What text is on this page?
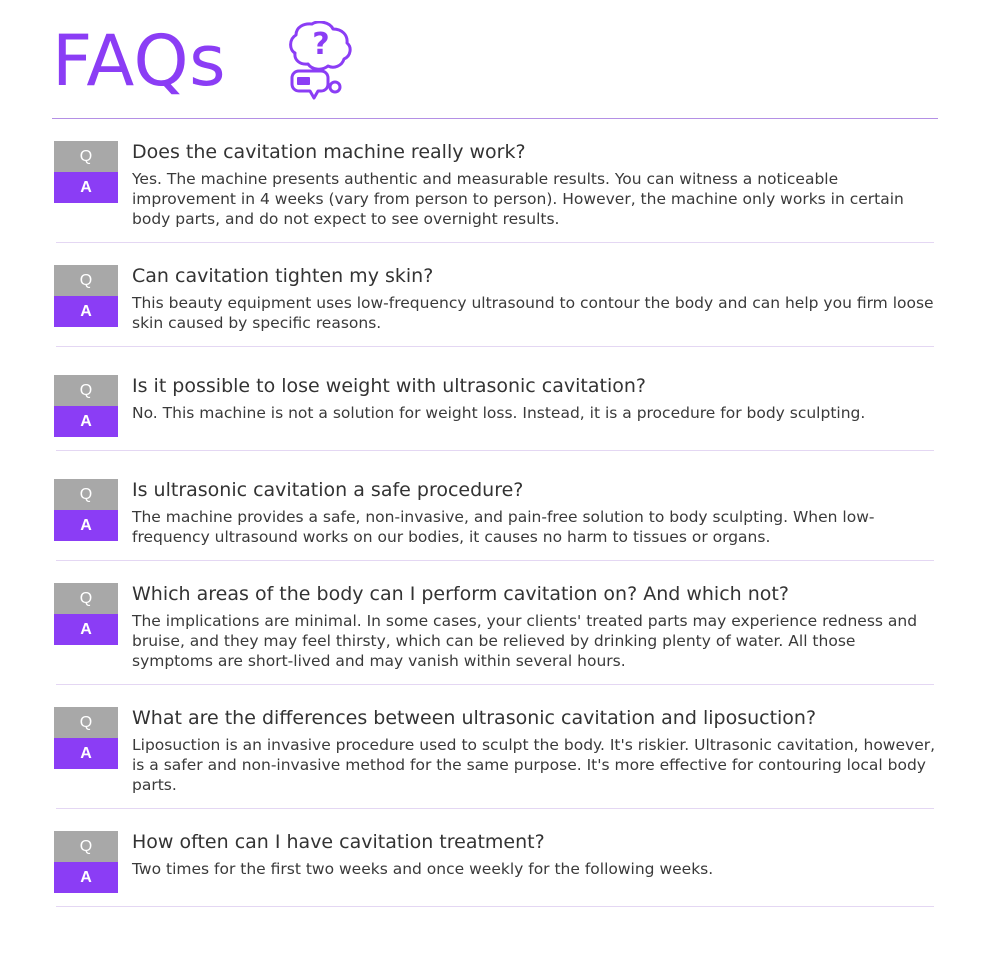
FAQs	?
Q
A

Does the cavitation machine really work?

Yes. The machine presents authentic and measurable results. You can witness a noticeable improvement in 4 weeks (vary from person to person). However, the machine only works in certain body parts, and do not expect to see overnight results.

Q
A

Can cavitation tighten my skin?

This beauty equipment uses low-frequency ultrasound to contour the body and can help you firm loose skin caused by specific reasons.

Q
A

Is it possible to lose weight with ultrasonic cavitation?

No. This machine is not a solution for weight loss. Instead, it is a procedure for body sculpting.

Q
A

Is ultrasonic cavitation a safe procedure?

The machine provides a safe, non-invasive, and pain-free solution to body sculpting. When low-frequency ultrasound works on our bodies, it causes no harm to tissues or organs.

Q
A

Which areas of the body can I perform cavitation on? And which not?

The implications are minimal. In some cases, your clients' treated parts may experience redness and bruise, and they may feel thirsty, which can be relieved by drinking plenty of water. All those symptoms are short-lived and may vanish within several hours.

Q
A

What are the differences between ultrasonic cavitation and liposuction?

Liposuction is an invasive procedure used to sculpt the body. It's riskier. Ultrasonic cavitation, however, is a safer and non-invasive method for the same purpose. It's more effective for contouring local body parts.

Q
A

How often can I have cavitation treatment?

Two times for the first two weeks and once weekly for the following weeks.
